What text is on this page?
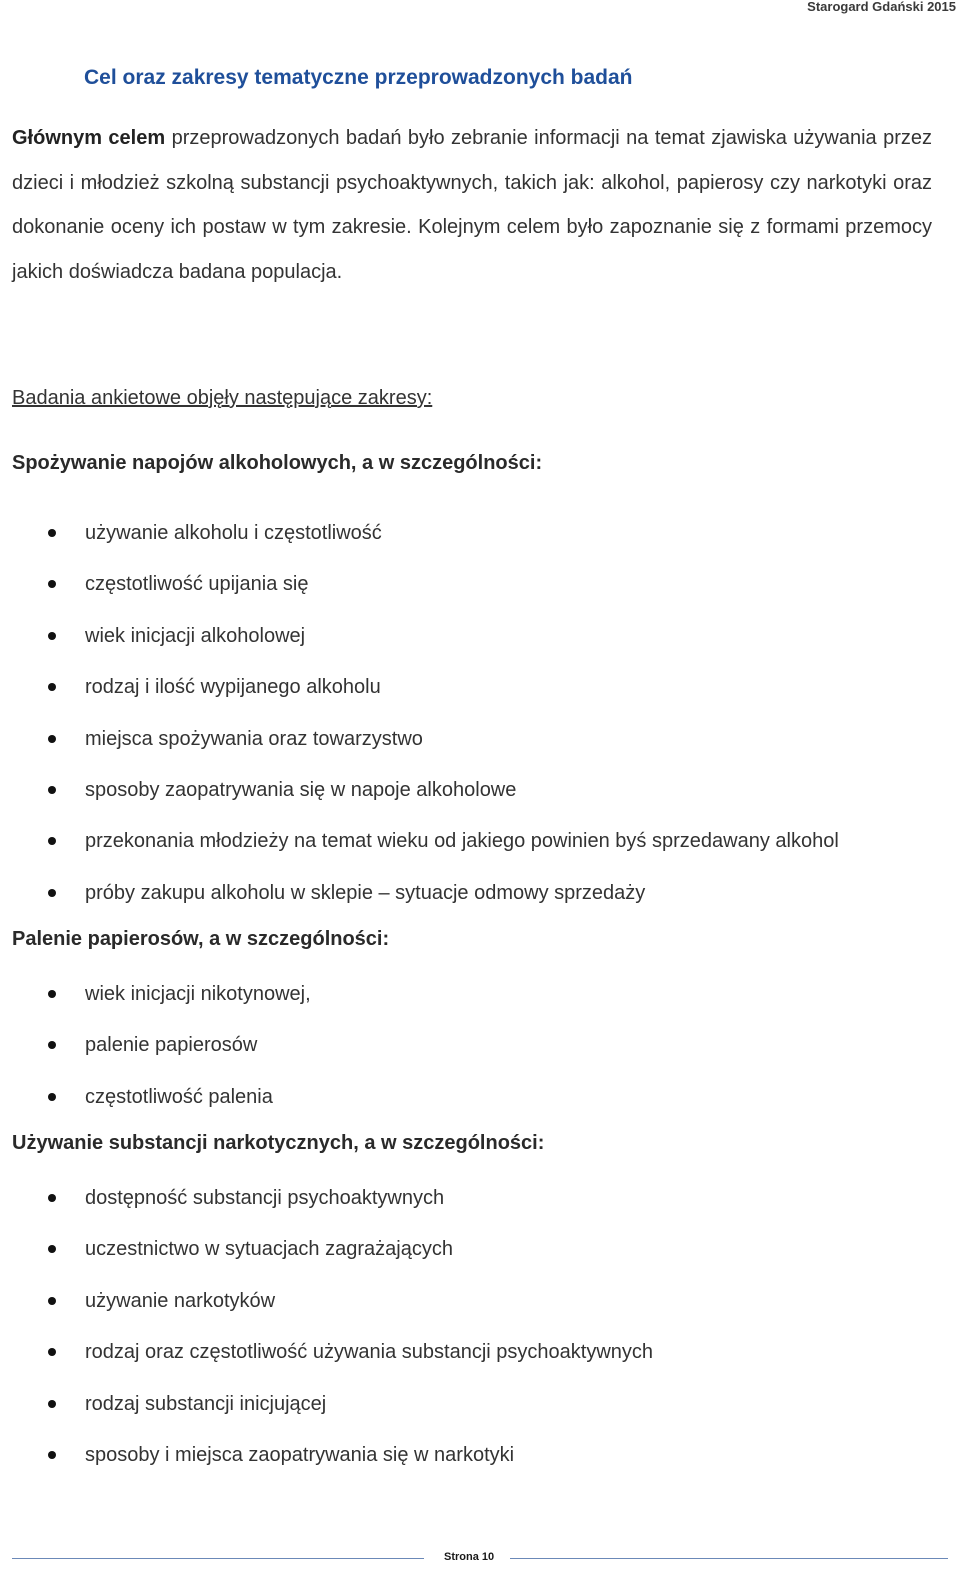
Starogard Gdański 2015
Cel oraz zakresy tematyczne przeprowadzonych badań

Głównym celem przeprowadzonych badań było zebranie informacji na temat zjawiska używania przez dzieci i młodzież szkolną substancji psychoaktywnych, takich jak: alkohol, papierosy czy narkotyki oraz dokonanie oceny ich postaw w tym zakresie. Kolejnym celem było zapoznanie się z formami przemocy jakich doświadcza badana populacja.

Badania ankietowe objęły następujące zakresy:
Spożywanie napojów alkoholowych, a w szczególności:
używanie alkoholu i częstotliwość
częstotliwość upijania się
wiek inicjacji alkoholowej
rodzaj i ilość wypijanego alkoholu
miejsca spożywania oraz towarzystwo
sposoby zaopatrywania się w napoje alkoholowe
przekonania młodzieży na temat wieku od jakiego powinien byś sprzedawany alkohol
próby zakupu alkoholu w sklepie – sytuacje odmowy sprzedaży
Palenie papierosów, a w szczególności:
wiek inicjacji nikotynowej,
palenie papierosów
częstotliwość palenia
Używanie substancji narkotycznych, a w szczególności:
dostępność substancji psychoaktywnych
uczestnictwo w sytuacjach zagrażających
używanie narkotyków
rodzaj oraz częstotliwość używania substancji psychoaktywnych
rodzaj substancji inicjującej
sposoby i miejsca zaopatrywania się w narkotyki
Strona 10
